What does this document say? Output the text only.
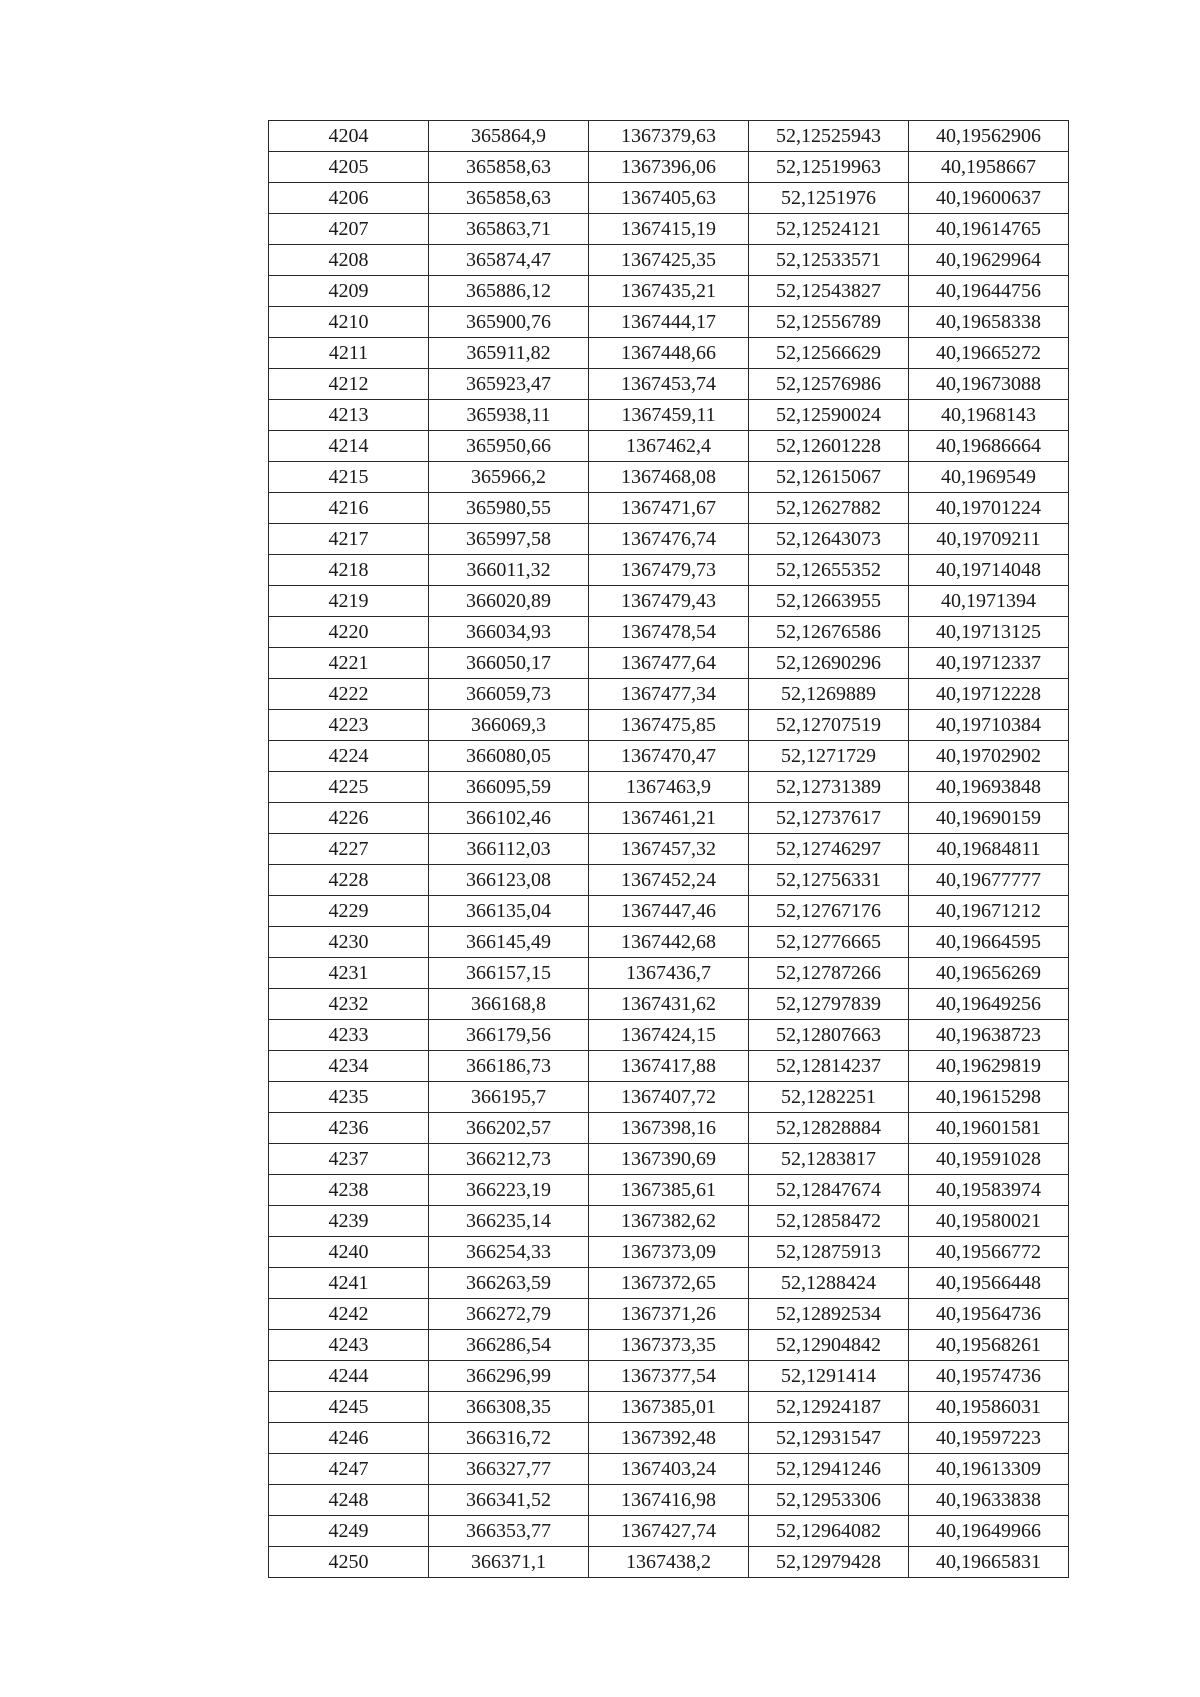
4204	365864,9	1367379,63	52,12525943	40,19562906
4205	365858,63	1367396,06	52,12519963	40,1958667
4206	365858,63	1367405,63	52,1251976	40,19600637
4207	365863,71	1367415,19	52,12524121	40,19614765
4208	365874,47	1367425,35	52,12533571	40,19629964
4209	365886,12	1367435,21	52,12543827	40,19644756
4210	365900,76	1367444,17	52,12556789	40,19658338
4211	365911,82	1367448,66	52,12566629	40,19665272
4212	365923,47	1367453,74	52,12576986	40,19673088
4213	365938,11	1367459,11	52,12590024	40,1968143
4214	365950,66	1367462,4	52,12601228	40,19686664
4215	365966,2	1367468,08	52,12615067	40,1969549
4216	365980,55	1367471,67	52,12627882	40,19701224
4217	365997,58	1367476,74	52,12643073	40,19709211
4218	366011,32	1367479,73	52,12655352	40,19714048
4219	366020,89	1367479,43	52,12663955	40,1971394
4220	366034,93	1367478,54	52,12676586	40,19713125
4221	366050,17	1367477,64	52,12690296	40,19712337
4222	366059,73	1367477,34	52,1269889	40,19712228
4223	366069,3	1367475,85	52,12707519	40,19710384
4224	366080,05	1367470,47	52,1271729	40,19702902
4225	366095,59	1367463,9	52,12731389	40,19693848
4226	366102,46	1367461,21	52,12737617	40,19690159
4227	366112,03	1367457,32	52,12746297	40,19684811
4228	366123,08	1367452,24	52,12756331	40,19677777
4229	366135,04	1367447,46	52,12767176	40,19671212
4230	366145,49	1367442,68	52,12776665	40,19664595
4231	366157,15	1367436,7	52,12787266	40,19656269
4232	366168,8	1367431,62	52,12797839	40,19649256
4233	366179,56	1367424,15	52,12807663	40,19638723
4234	366186,73	1367417,88	52,12814237	40,19629819
4235	366195,7	1367407,72	52,1282251	40,19615298
4236	366202,57	1367398,16	52,12828884	40,19601581
4237	366212,73	1367390,69	52,1283817	40,19591028
4238	366223,19	1367385,61	52,12847674	40,19583974
4239	366235,14	1367382,62	52,12858472	40,19580021
4240	366254,33	1367373,09	52,12875913	40,19566772
4241	366263,59	1367372,65	52,1288424	40,19566448
4242	366272,79	1367371,26	52,12892534	40,19564736
4243	366286,54	1367373,35	52,12904842	40,19568261
4244	366296,99	1367377,54	52,1291414	40,19574736
4245	366308,35	1367385,01	52,12924187	40,19586031
4246	366316,72	1367392,48	52,12931547	40,19597223
4247	366327,77	1367403,24	52,12941246	40,19613309
4248	366341,52	1367416,98	52,12953306	40,19633838
4249	366353,77	1367427,74	52,12964082	40,19649966
4250	366371,1	1367438,2	52,12979428	40,19665831
